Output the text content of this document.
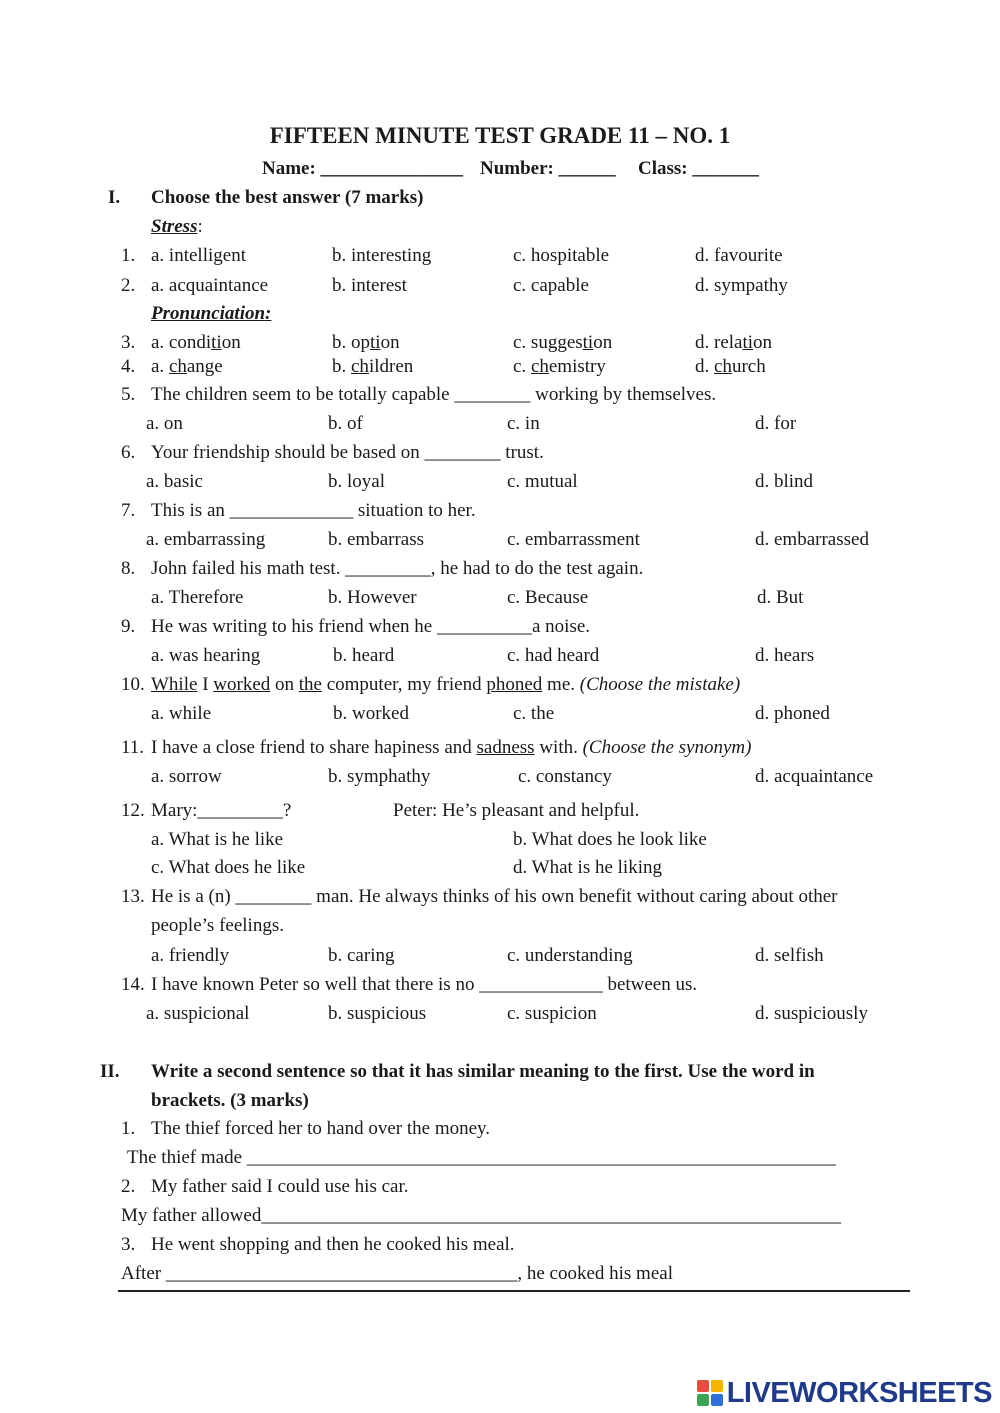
FIFTEEN MINUTE TEST GRADE 11 – NO. 1
Name: _______________ Number: ______ Class: _______
I. Choose the best answer (7 marks)
Stress:
1. a. intelligent	b. interesting	c. hospitable	d. favourite
2. a. acquaintance	b. interest	c. capable	d. sympathy
Pronunciation:
3. a. condition	b. option	c. suggestion	d. relation
4. a. change	b. children	c. chemistry	d. church
5. The children seem to be totally capable ________ working by themselves.
a. on	b. of	c. in	d. for
6. Your friendship should be based on ________ trust.
a. basic	b. loyal	c. mutual	d. blind
7. This is an _____________ situation to her.
a. embarrassing	b. embarrass	c. embarrassment	d. embarrassed
8. John failed his math test. _________, he had to do the test again.
a. Therefore	b. However	c. Because	d. But
9. He was writing to his friend when he __________a noise.
a. was hearing	b. heard	c. had heard	d. hears
10. While I worked on the computer, my friend phoned me. (Choose the mistake)
a. while	b. worked	c. the	d. phoned
11. I have a close friend to share hapiness and sadness with. (Choose the synonym)
a. sorrow	b. symphathy	c. constancy	d. acquaintance
12. Mary:_________?	Peter: He’s pleasant and helpful.
a. What is he like	b. What does he look like
c. What does he like	d. What is he liking
13. He is a (n) ________ man. He always thinks of his own benefit without caring about other
people’s feelings.
a. friendly	b. caring	c. understanding	d. selfish
14. I have known Peter so well that there is no _____________ between us.
a. suspicional	b. suspicious	c. suspicion	d. suspiciously
II. Write a second sentence so that it has similar meaning to the first. Use the word in
brackets. (3 marks)
1. The thief forced her to hand over the money.
The thief made ______________________________________________________________
2. My father said I could use his car.
My father allowed_____________________________________________________________
3. He went shopping and then he cooked his meal.
After _____________________________________, he cooked his meal
LIVEWORKSHEETS
